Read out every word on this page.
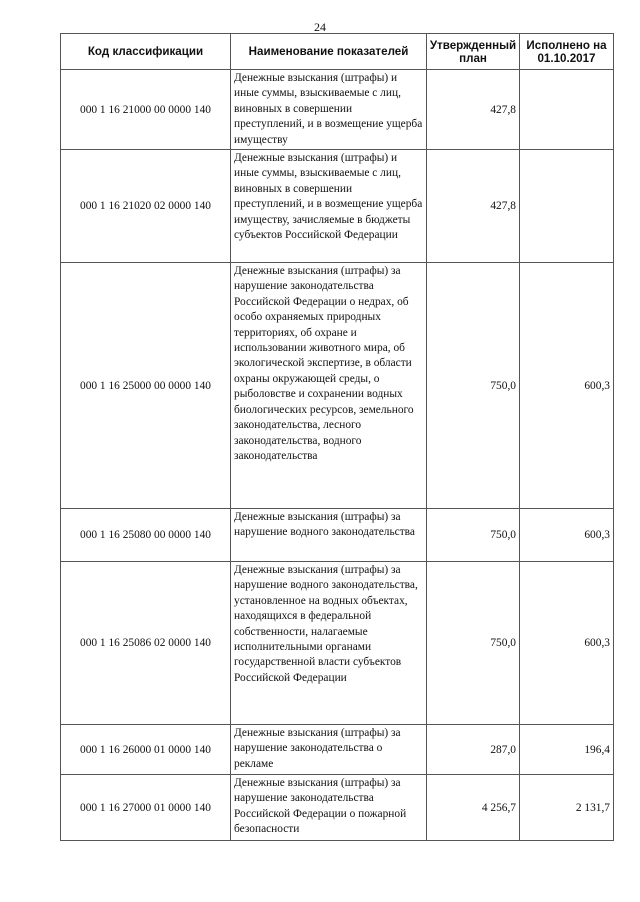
24
Код классификации	Наименование показателей	Утвержденный план	Исполнено на 01.10.2017
000 1 16 21000 00 0000 140	Денежные взыскания (штрафы) и иные суммы, взыскиваемые с лиц, виновных в совершении преступлений, и в возмещение ущерба имуществу	427,8	
000 1 16 21020 02 0000 140	Денежные взыскания (штрафы) и иные суммы, взыскиваемые с лиц, виновных в совершении преступлений, и в возмещение ущерба имуществу, зачисляемые в бюджеты субъектов Российской Федерации	427,8	
000 1 16 25000 00 0000 140	Денежные взыскания (штрафы) за нарушение законодательства Российской Федерации о недрах, об особо охраняемых природных территориях, об охране и использовании животного мира, об экологической экспертизе, в области охраны окружающей среды, о рыболовстве и сохранении водных биологических ресурсов, земельного законодательства, лесного законодательства, водного законодательства	750,0	600,3
000 1 16 25080 00 0000 140	Денежные взыскания (штрафы) за нарушение водного законодательства	750,0	600,3
000 1 16 25086 02 0000 140	Денежные взыскания (штрафы) за нарушение водного законодательства, установленное на водных объектах, находящихся в федеральной собственности, налагаемые исполнительными органами государственной власти субъектов Российской Федерации	750,0	600,3
000 1 16 26000 01 0000 140	Денежные взыскания (штрафы) за нарушение законодательства о рекламе	287,0	196,4
000 1 16 27000 01 0000 140	Денежные взыскания (штрафы) за нарушение законодательства Российской Федерации о пожарной безопасности	4 256,7	2 131,7
